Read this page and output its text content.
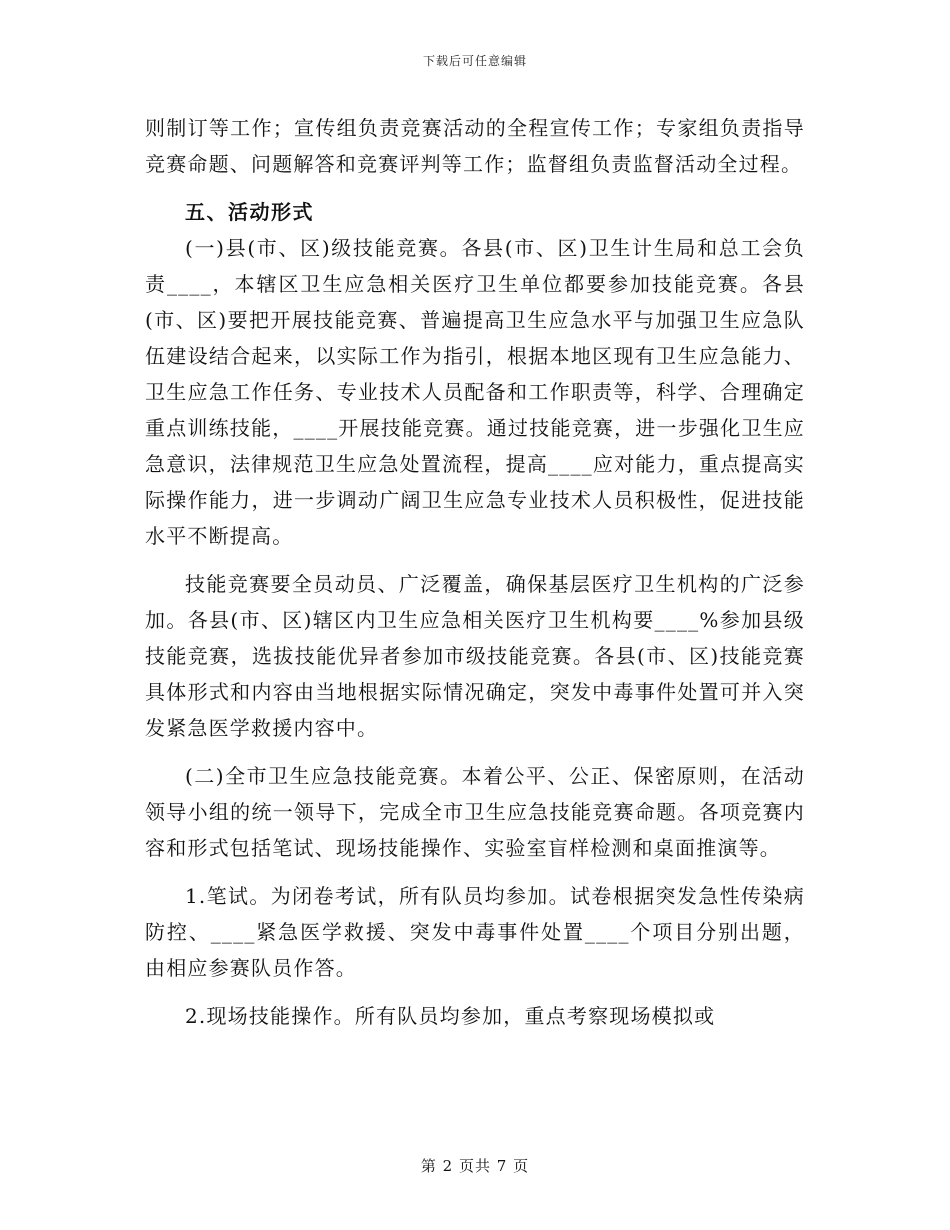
下载后可任意编辑

则制订等工作；宣传组负责竞赛活动的全程宣传工作；专家组负责指导竞赛命题、问题解答和竞赛评判等工作；监督组负责监督活动全过程。

五、活动形式

(一)县(市、区)级技能竞赛。各县(市、区)卫生计生局和总工会负责____，本辖区卫生应急相关医疗卫生单位都要参加技能竞赛。各县(市、区)要把开展技能竞赛、普遍提高卫生应急水平与加强卫生应急队伍建设结合起来，以实际工作为指引，根据本地区现有卫生应急能力、卫生应急工作任务、专业技术人员配备和工作职责等，科学、合理确定重点训练技能，____开展技能竞赛。通过技能竞赛，进一步强化卫生应急意识，法律规范卫生应急处置流程，提高____应对能力，重点提高实际操作能力，进一步调动广阔卫生应急专业技术人员积极性，促进技能水平不断提高。

技能竞赛要全员动员、广泛覆盖，确保基层医疗卫生机构的广泛参加。各县(市、区)辖区内卫生应急相关医疗卫生机构要____%参加县级技能竞赛，选拔技能优异者参加市级技能竞赛。各县(市、区)技能竞赛具体形式和内容由当地根据实际情况确定，突发中毒事件处置可并入突发紧急医学救援内容中。

(二)全市卫生应急技能竞赛。本着公平、公正、保密原则，在活动领导小组的统一领导下，完成全市卫生应急技能竞赛命题。各项竞赛内容和形式包括笔试、现场技能操作、实验室盲样检测和桌面推演等。

1.笔试。为闭卷考试，所有队员均参加。试卷根据突发急性传染病防控、____紧急医学救援、突发中毒事件处置____个项目分别出题，由相应参赛队员作答。

2.现场技能操作。所有队员均参加，重点考察现场模拟或

第 2 页共 7 页
